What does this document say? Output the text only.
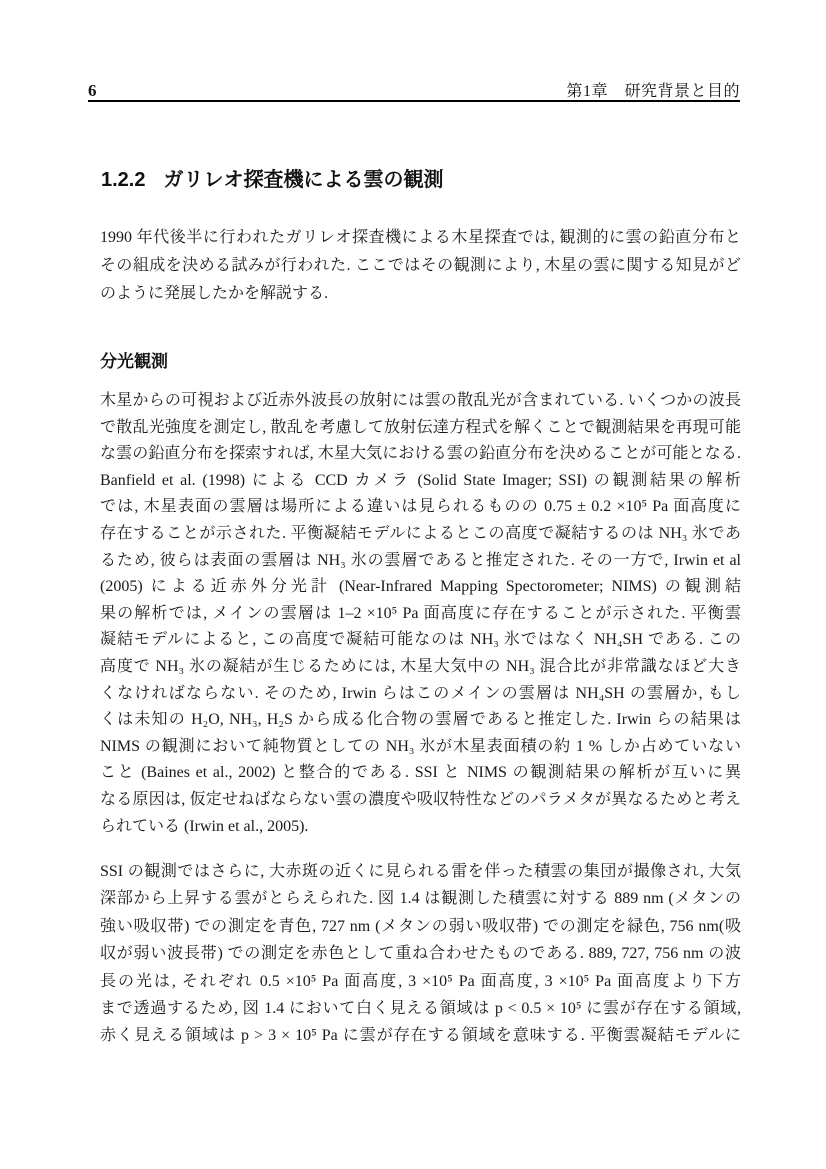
6	第1章　研究背景と目的
1.2.2 ガリレオ探査機による雲の観測
1990 年代後半に行われたガリレオ探査機による木星探査では, 観測的に雲の鉛直分布と
その組成を決める試みが行われた. ここではその観測により, 木星の雲に関する知見がど
のように発展したかを解説する.
分光観測
木星からの可視および近赤外波長の放射には雲の散乱光が含まれている. いくつかの波長
で散乱光強度を測定し, 散乱を考慮して放射伝達方程式を解くことで観測結果を再現可能
な雲の鉛直分布を探索すれば, 木星大気における雲の鉛直分布を決めることが可能となる.
Banfield et al. (1998) による CCD カメラ (Solid State Imager; SSI) の観測結果の解析
では, 木星表面の雲層は場所による違いは見られるものの 0.75 ± 0.2 ×10⁵ Pa 面高度に
存在することが示された. 平衡凝結モデルによるとこの高度で凝結するのは NH₃ 氷であ
るため, 彼らは表面の雲層は NH₃ 氷の雲層であると推定された. その一方で, Irwin et al
(2005) による近赤外分光計 (Near-Infrared Mapping Spectorometer; NIMS) の観測結
果の解析では, メインの雲層は 1–2 ×10⁵ Pa 面高度に存在することが示された. 平衡雲
凝結モデルによると, この高度で凝結可能なのは NH₃ 氷ではなく NH₄SH である. この
高度で NH₃ 氷の凝結が生じるためには, 木星大気中の NH₃ 混合比が非常識なほど大き
くなければならない. そのため, Irwin らはこのメインの雲層は NH₄SH の雲層か, もし
くは未知の H₂O, NH₃, H₂S から成る化合物の雲層であると推定した. Irwin らの結果は
NIMS の観測において純物質としての NH₃ 氷が木星表面積の約 1 % しか占めていない
こと (Baines et al., 2002) と整合的である. SSI と NIMS の観測結果の解析が互いに異
なる原因は, 仮定せねばならない雲の濃度や吸収特性などのパラメタが異なるためと考え
られている (Irwin et al., 2005).
SSI の観測ではさらに, 大赤斑の近くに見られる雷を伴った積雲の集団が撮像され, 大気
深部から上昇する雲がとらえられた. 図 1.4 は観測した積雲に対する 889 nm (メタンの
強い吸収帯) での測定を青色, 727 nm (メタンの弱い吸収帯) での測定を緑色, 756 nm(吸
収が弱い波長帯) での測定を赤色として重ね合わせたものである. 889, 727, 756 nm の波
長の光は, それぞれ 0.5 ×10⁵ Pa 面高度, 3 ×10⁵ Pa 面高度, 3 ×10⁵ Pa 面高度より下方
まで透過するため, 図 1.4 において白く見える領域は p < 0.5 × 10⁵ に雲が存在する領域,
赤く見える領域は p > 3 × 10⁵ Pa に雲が存在する領域を意味する. 平衡雲凝結モデルに
